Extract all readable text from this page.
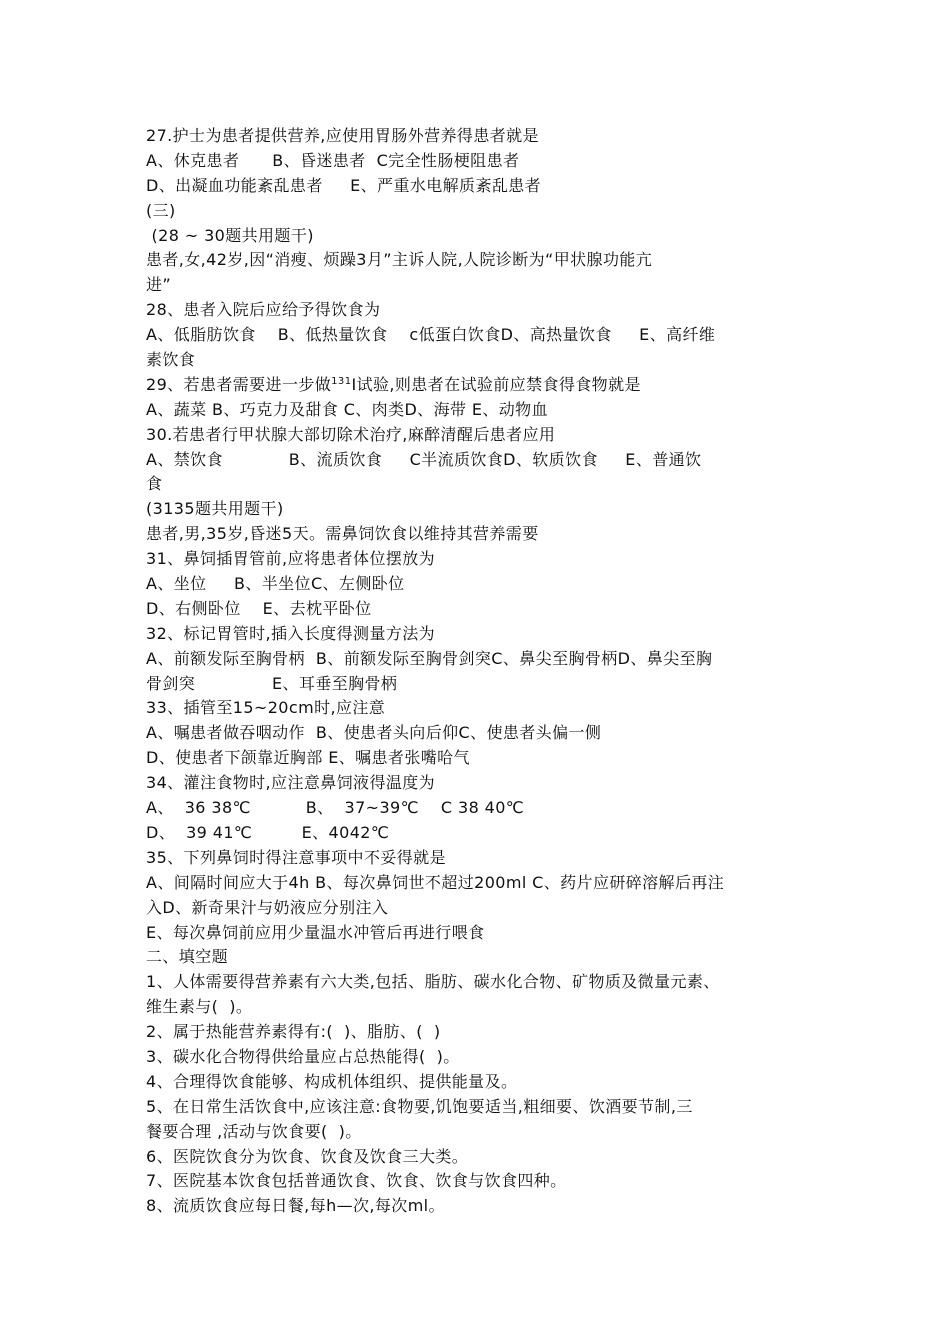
27.护士为患者提供营养,应使用胃肠外营养得患者就是
A、休克患者      B、昏迷患者  C完全性肠梗阻患者
D、出凝血功能紊乱患者     E、严重水电解质紊乱患者
(三)
(28 ~ 30题共用题干)
患者,女,42岁,因“消瘦、烦躁3月”主诉人院,人院诊断为“甲状腺功能亢
进”
28、患者入院后应给予得饮食为
A、低脂肪饮食    B、低热量饮食    c低蛋白饮食D、高热量饮食     E、高纤维
素饮食
29、若患者需要进一步做$^{131}$I试验,则患者在试验前应禁食得食物就是
A、蔬菜 B、巧克力及甜食 C、肉类D、海带 E、动物血
30.若患者行甲状腺大部切除术治疗,麻醉清醒后患者应用
A、禁饮食            B、流质饮食     C半流质饮食D、软质饮食     E、普通饮
食
(3135题共用题干)
患者,男,35岁,昏迷5天。需鼻饲饮食以维持其营养需要
31、鼻饲插胃管前,应将患者体位摆放为
A、坐位     B、半坐位C、左侧卧位
D、右侧卧位    E、去枕平卧位
32、标记胃管时,插入长度得测量方法为
A、前额发际至胸骨柄  B、前额发际至胸骨剑突C、鼻尖至胸骨柄D、鼻尖至胸
骨剑突              E、耳垂至胸骨柄
33、插管至15~20cm时,应注意
A、嘱患者做吞咽动作  B、使患者头向后仰C、使患者头偏一侧
D、使患者下颌靠近胸部 E、嘱患者张嘴哈气
34、灌注食物时,应注意鼻饲液得温度为
A、  36 38℃          B、  37~39℃    C 38 40℃
D、  39 41℃         E、4042℃
35、下列鼻饲时得注意事项中不妥得就是
A、间隔时间应大于4h B、每次鼻饲世不超过200ml C、药片应研碎溶解后再注
入D、新奇果汁与奶液应分别注入
E、每次鼻饲前应用少量温水冲管后再进行喂食
二、填空题
1、人体需要得营养素有六大类,包括、脂肪、碳水化合物、矿物质及微量元素、
维生素与(  )。
2、属于热能营养素得有:(  )、脂肪、(  )
3、碳水化合物得供给量应占总热能得(  )。
4、合理得饮食能够、构成机体组织、提供能量及。
5、在日常生活饮食中,应该注意:食物要,饥饱要适当,粗细要、饮酒要节制,三
餐要合理 ,活动与饮食要(  )。
6、医院饮食分为饮食、饮食及饮食三大类。
7、医院基本饮食包括普通饮食、饮食、饮食与饮食四种。
8、流质饮食应每日餐,每h—次,每次ml。
